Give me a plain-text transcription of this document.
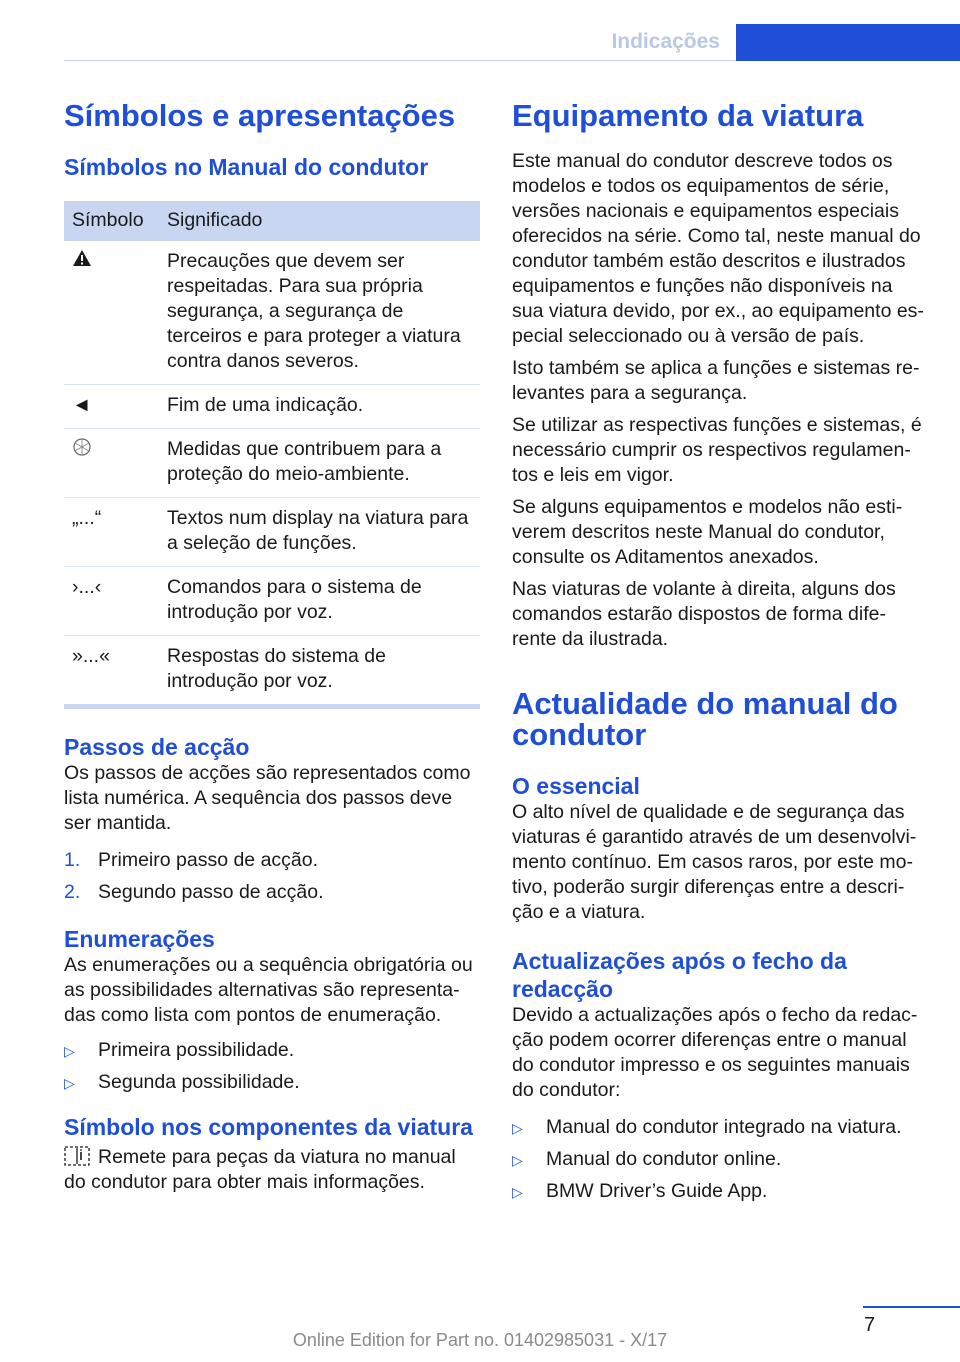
Indicações
Símbolos e apresentações
Símbolos no Manual do condutor
Símbolo	Significado
	Precauções que devem ser respeitadas. Para sua própria segurança, a segurança de terceiros e para proteger a viatura contra danos severos.
◄	Fim de uma indicação.
	Medidas que contribuem para a proteção do meio-ambiente.
„...“	Textos num display na viatura para a seleção de funções.
›...‹	Comandos para o sistema de introdução por voz.
»...«	Respostas do sistema de introdução por voz.
Passos de acção

Os passos de acções são representados como lista numérica. A sequência dos passos deve ser mantida.

1. Primeiro passo de acção.
2. Segundo passo de acção.
Enumerações

As enumerações ou a sequência obrigatória ou as possibilidades alternativas são representa-das como lista com pontos de enumeração.

▷ Primeira possibilidade.
▷ Segunda possibilidade.
Símbolo nos componentes da viatura

Remete para peças da viatura no manual do condutor para obter mais informações.

Equipamento da viatura

Este manual do condutor descreve todos os modelos e todos os equipamentos de série, versões nacionais e equipamentos especiais oferecidos na série. Como tal, neste manual do condutor também estão descritos e ilustrados equipamentos e funções não disponíveis na sua viatura devido, por ex., ao equipamento es-pecial seleccionado ou à versão de país.

Isto também se aplica a funções e sistemas re-levantes para a segurança.

Se utilizar as respectivas funções e sistemas, é necessário cumprir os respectivos regulamen-tos e leis em vigor.

Se alguns equipamentos e modelos não esti-verem descritos neste Manual do condutor, consulte os Aditamentos anexados.

Nas viaturas de volante à direita, alguns dos comandos estarão dispostos de forma dife-rente da ilustrada.

Actualidade do manual do condutor
O essencial

O alto nível de qualidade e de segurança das viaturas é garantido através de um desenvolvi-mento contínuo. Em casos raros, por este mo-tivo, poderão surgir diferenças entre a descri-ção e a viatura.

Actualizações após o fecho da redacção

Devido a actualizações após o fecho da redac-ção podem ocorrer diferenças entre o manual do condutor impresso e os seguintes manuais do condutor:

▷ Manual do condutor integrado na viatura.
▷ Manual do condutor online.
▷ BMW Driver’s Guide App.
7
Online Edition for Part no. 01402985031 - X/17
